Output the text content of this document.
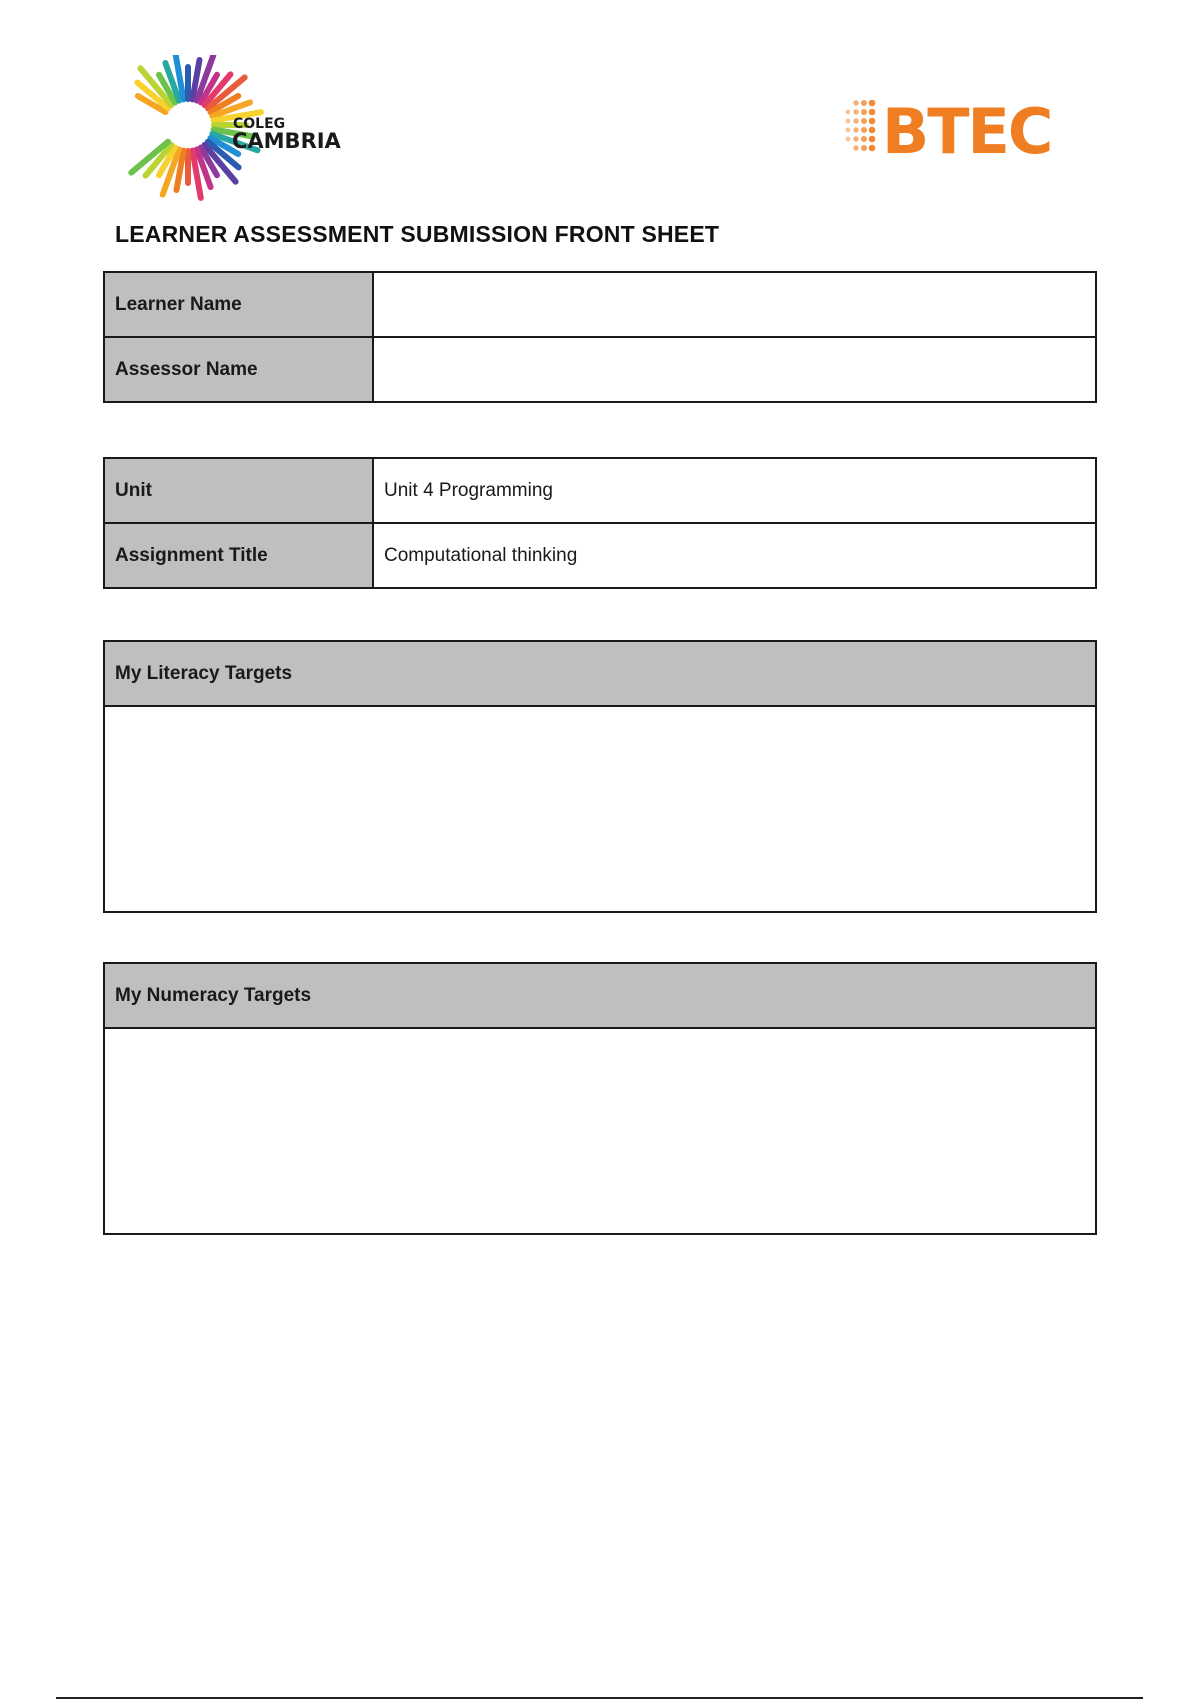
COLEG
CAMBRIA	BTEC
LEARNER ASSESSMENT SUBMISSION FRONT SHEET
Learner Name	
Assessor Name	
Unit	Unit 4 Programming
Assignment Title	Computational thinking
My Literacy Targets

My Numeracy Targets
